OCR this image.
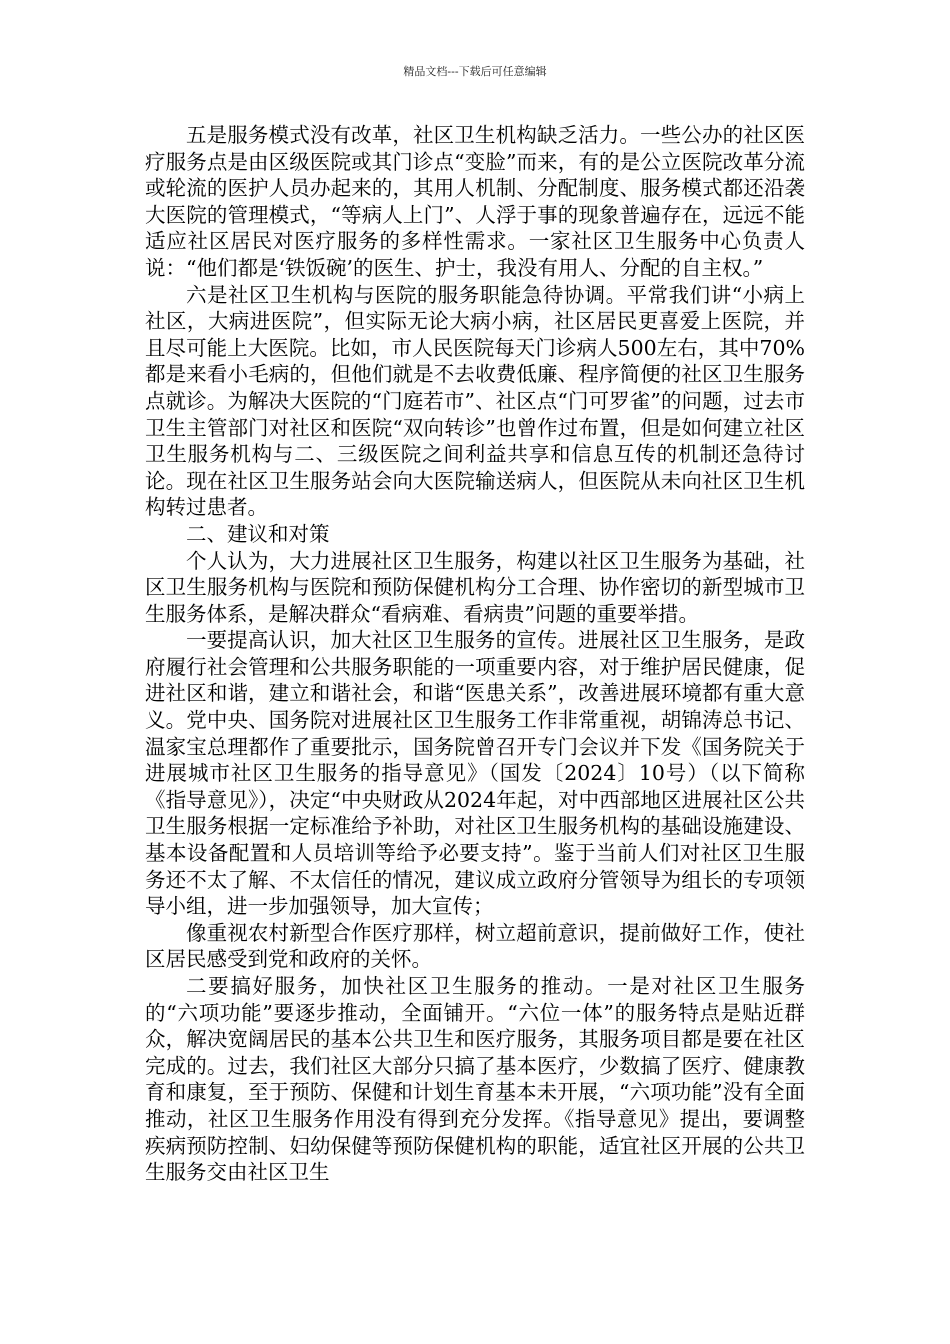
精品文档---下载后可任意编辑

五是服务模式没有改革，社区卫生机构缺乏活力。一些公办的社区医疗服务点是由区级医院或其门诊点“变脸”而来，有的是公立医院改革分流或轮流的医护人员办起来的，其用人机制、分配制度、服务模式都还沿袭大医院的管理模式，“等病人上门”、人浮于事的现象普遍存在，远远不能适应社区居民对医疗服务的多样性需求。一家社区卫生服务中心负责人说：“他们都是‘铁饭碗’的医生、护士，我没有用人、分配的自主权。”

六是社区卫生机构与医院的服务职能急待协调。平常我们讲“小病上社区，大病进医院”，但实际无论大病小病，社区居民更喜爱上医院，并且尽可能上大医院。比如，市人民医院每天门诊病人500左右，其中70%都是来看小毛病的，但他们就是不去收费低廉、程序简便的社区卫生服务点就诊。为解决大医院的“门庭若市”、社区点“门可罗雀”的问题，过去市卫生主管部门对社区和医院“双向转诊”也曾作过布置，但是如何建立社区卫生服务机构与二、三级医院之间利益共享和信息互传的机制还急待讨论。现在社区卫生服务站会向大医院输送病人，但医院从未向社区卫生机构转过患者。

二、建议和对策

个人认为，大力进展社区卫生服务，构建以社区卫生服务为基础，社区卫生服务机构与医院和预防保健机构分工合理、协作密切的新型城市卫生服务体系，是解决群众“看病难、看病贵”问题的重要举措。

一要提高认识，加大社区卫生服务的宣传。进展社区卫生服务，是政府履行社会管理和公共服务职能的一项重要内容，对于维护居民健康，促进社区和谐，建立和谐社会，和谐“医患关系”，改善进展环境都有重大意义。党中央、国务院对进展社区卫生服务工作非常重视，胡锦涛总书记、温家宝总理都作了重要批示，国务院曾召开专门会议并下发《国务院关于进展城市社区卫生服务的指导意见》（国发〔2024〕10号）（以下简称《指导意见》），决定“中央财政从2024年起，对中西部地区进展社区公共卫生服务根据一定标准给予补助，对社区卫生服务机构的基础设施建设、基本设备配置和人员培训等给予必要支持”。鉴于当前人们对社区卫生服务还不太了解、不太信任的情况，建议成立政府分管领导为组长的专项领导小组，进一步加强领导，加大宣传；

像重视农村新型合作医疗那样，树立超前意识，提前做好工作，使社区居民感受到党和政府的关怀。

二要搞好服务，加快社区卫生服务的推动。一是对社区卫生服务的“六项功能”要逐步推动，全面铺开。“六位一体”的服务特点是贴近群众，解决宽阔居民的基本公共卫生和医疗服务，其服务项目都是要在社区完成的。过去，我们社区大部分只搞了基本医疗，少数搞了医疗、健康教育和康复，至于预防、保健和计划生育基本未开展，“六项功能”没有全面推动，社区卫生服务作用没有得到充分发挥。《指导意见》提出，要调整疾病预防控制、妇幼保健等预防保健机构的职能，适宜社区开展的公共卫生服务交由社区卫生
